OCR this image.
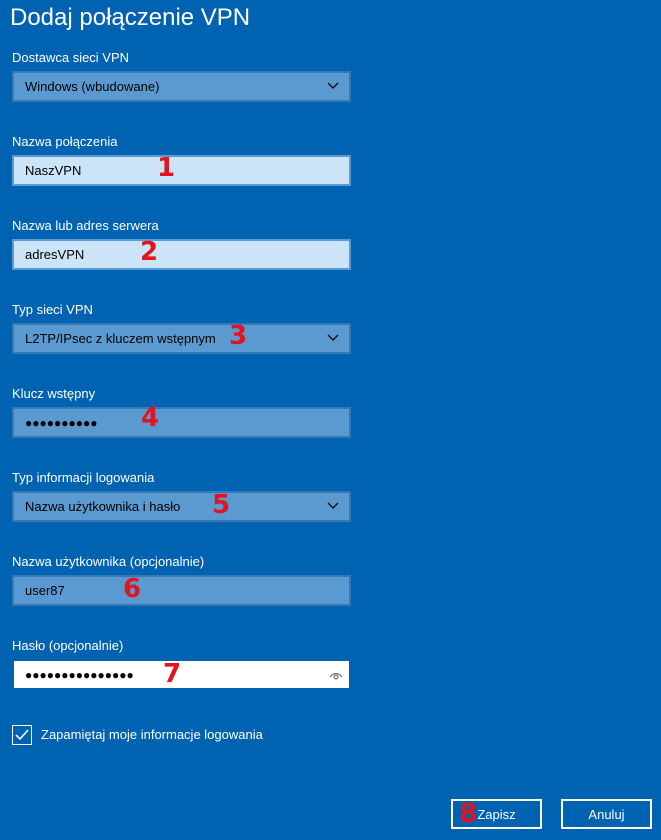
Dodaj połączenie VPN
Dostawca sieci VPN
Windows (wbudowane)
Nazwa połączenia
NaszVPN	1
Nazwa lub adres serwera
adresVPN 2
Typ sieci VPN
L2TP/IPsec z kluczem wstępnym 3
Klucz wstępny
●●●●●●●●●● 4
Typ informacji logowania
Nazwa użytkownika i hasło 5
Nazwa użytkownika (opcjonalnie)
user87 6
Hasło (opcjonalnie)
●●●●●●●●●●●●●●● 7
Zapamiętaj moje informacje logowania
Zapisz
8	Anuluj
